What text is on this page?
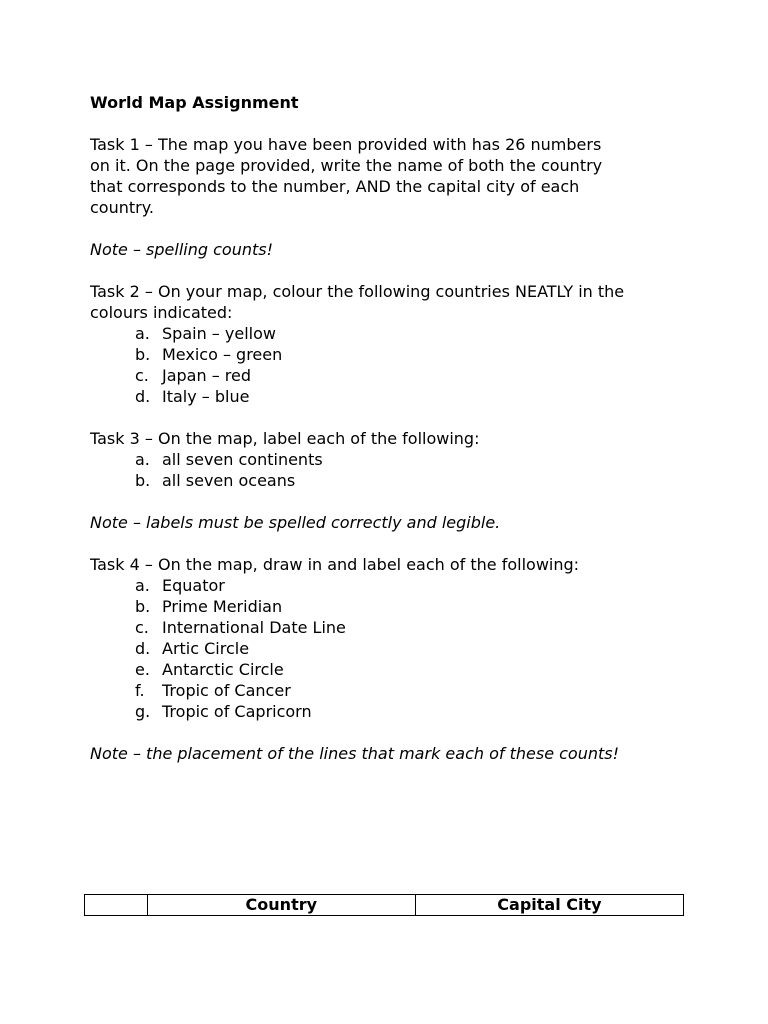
World Map Assignment

Task 1 – The map you have been provided with has 26 numbers

on it. On the page provided, write the name of both the country

that corresponds to the number, AND the capital city of each

country.

Note – spelling counts!

Task 2 – On your map, colour the following countries NEATLY in the

colours indicated:

a. Spain – yellow
b. Mexico – green
c. Japan – red
d. Italy – blue

Task 3 – On the map, label each of the following:

a. all seven continents
b. all seven oceans

Note – labels must be spelled correctly and legible.

Task 4 – On the map, draw in and label each of the following:

a. Equator
b. Prime Meridian
c. International Date Line
d. Artic Circle
e. Antarctic Circle
f. Tropic of Cancer
g. Tropic of Capricorn

Note – the placement of the lines that mark each of these counts!

	Country	Capital City
